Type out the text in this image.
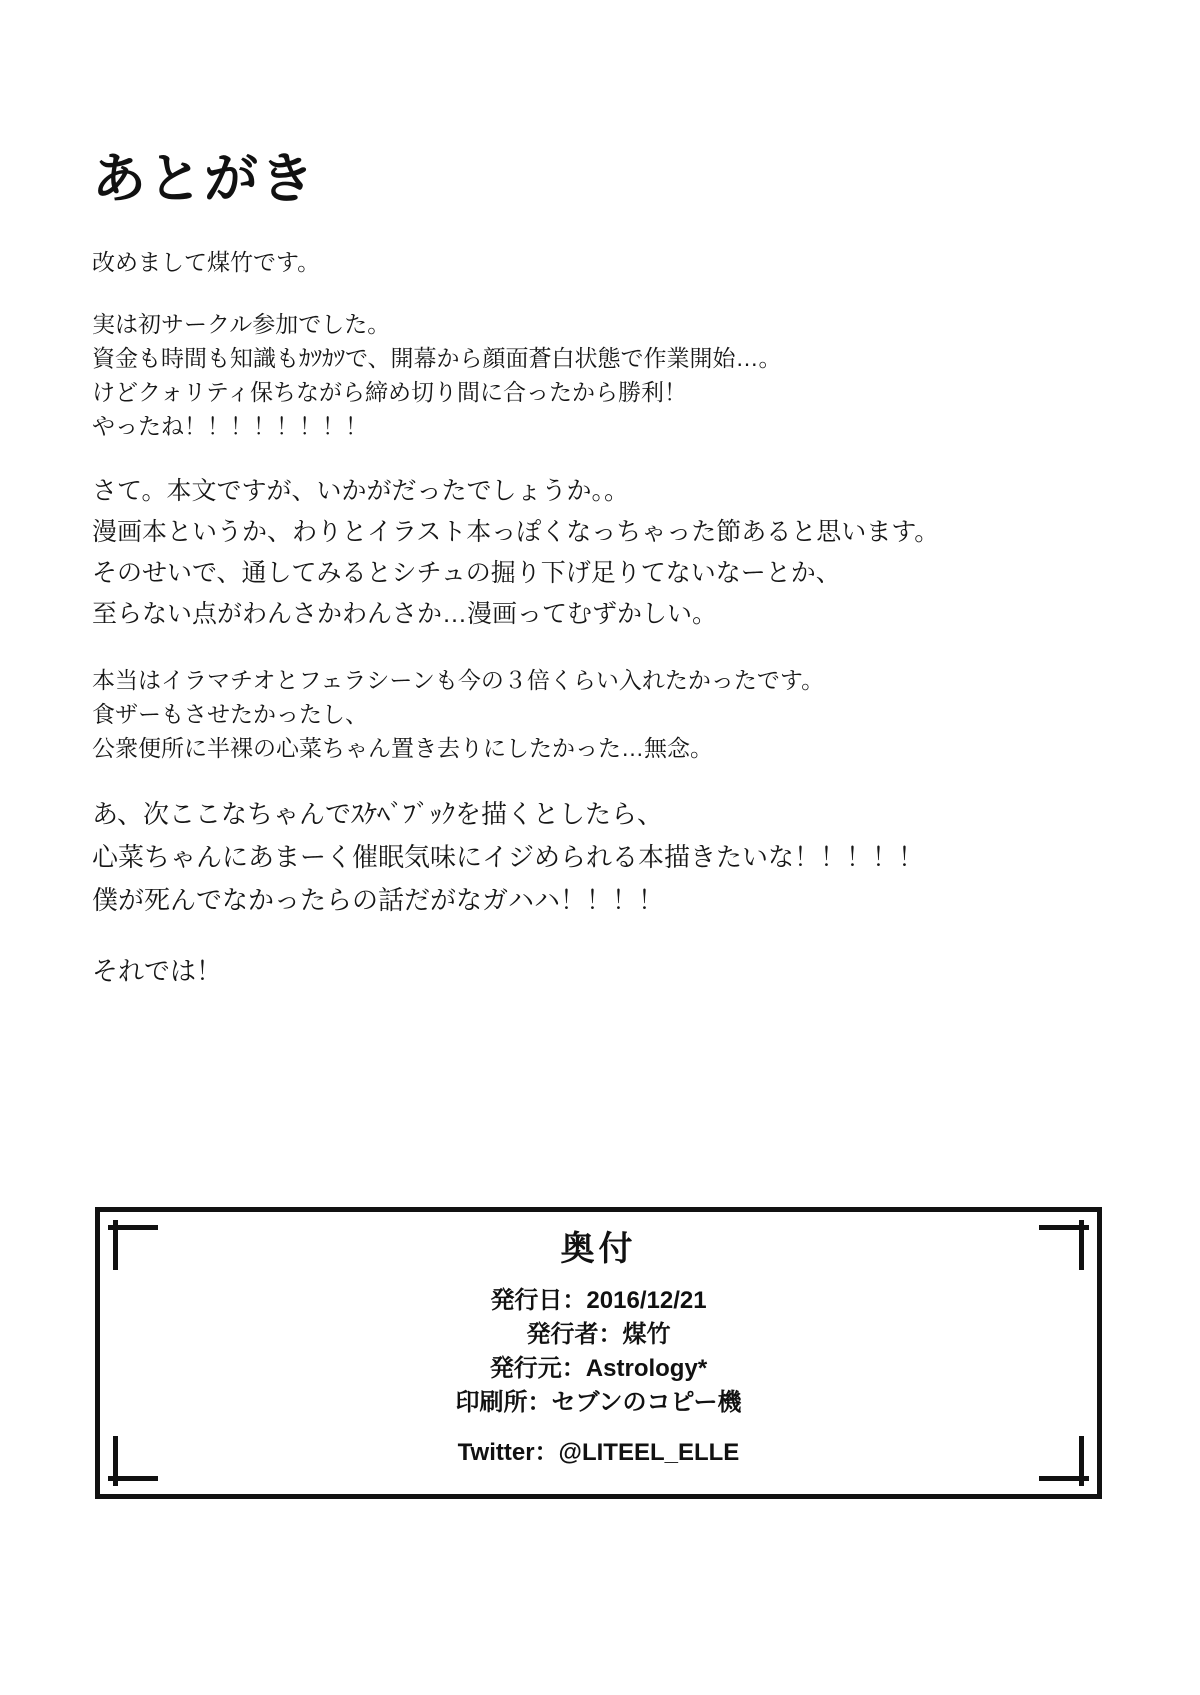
あとがき
改めまして煤竹です。
実は初サークル参加でした。
資金も時間も知識もｶﾂｶﾂで、開幕から顔面蒼白状態で作業開始…。
けどクォリティ保ちながら締め切り間に合ったから勝利！
やったね！！！！！！！！
さて。本文ですが、いかがだったでしょうか。。
漫画本というか、わりとイラスト本っぽくなっちゃった節あると思います。
そのせいで、通してみるとシチュの掘り下げ足りてないなーとか、
至らない点がわんさかわんさか…漫画ってむずかしい。
本当はイラマチオとフェラシーンも今の３倍くらい入れたかったです。
食ザーもさせたかったし、
公衆便所に半裸の心菜ちゃん置き去りにしたかった…無念。
あ、次ここなちゃんでｽｹﾍﾞﾌﾞｯｸを描くとしたら、
心菜ちゃんにあまーく催眠気味にイジめられる本描きたいな！！！！！
僕が死んでなかったらの話だがなガハハ！！！！
それでは！
奥付
発行日：2016/12/21
発行者：煤竹
発行元：Astrology*
印刷所：セブンのコピー機
Twitter：@LITEEL_ELLE
